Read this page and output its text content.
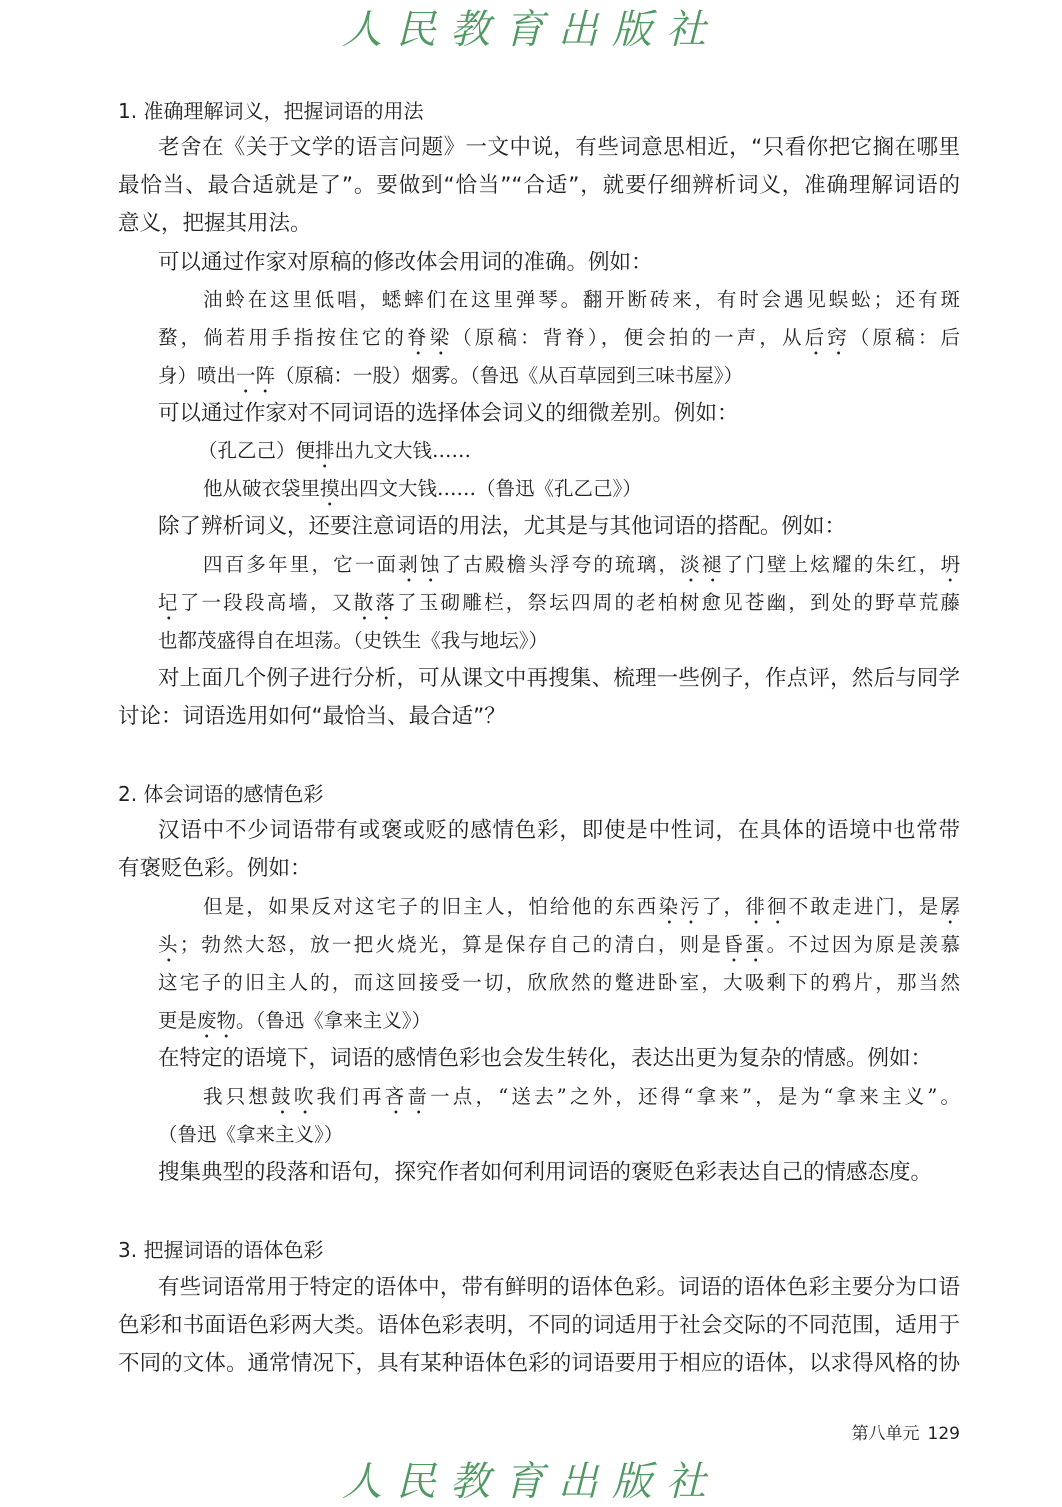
人民教育出版社
1. 准确理解词义，把握词语的用法
老舍在《关于文学的语言问题》一文中说，有些词意思相近，“只看你把它搁在哪里
最恰当、最合适就是了”。要做到“恰当”“合适”，就要仔细辨析词义，准确理解词语的
意义，把握其用法。
可以通过作家对原稿的修改体会用词的准确。例如：
油蛉在这里低唱，蟋蟀们在这里弹琴。翻开断砖来，有时会遇见蜈蚣；还有斑
蝥，倘若用手指按住它的脊梁（原稿：背脊），便会拍的一声，从后窍（原稿：后
身）喷出一阵（原稿：一股）烟雾。（鲁迅《从百草园到三味书屋》）
可以通过作家对不同词语的选择体会词义的细微差别。例如：
（孔乙己）便排出九文大钱……
他从破衣袋里摸出四文大钱……（鲁迅《孔乙己》）
除了辨析词义，还要注意词语的用法，尤其是与其他词语的搭配。例如：
四百多年里，它一面剥蚀了古殿檐头浮夸的琉璃，淡褪了门壁上炫耀的朱红，坍
圮了一段段高墙，又散落了玉砌雕栏，祭坛四周的老柏树愈见苍幽，到处的野草荒藤
也都茂盛得自在坦荡。（史铁生《我与地坛》）
对上面几个例子进行分析，可从课文中再搜集、梳理一些例子，作点评，然后与同学
讨论：词语选用如何“最恰当、最合适”？
2. 体会词语的感情色彩
汉语中不少词语带有或褒或贬的感情色彩，即使是中性词，在具体的语境中也常带
有褒贬色彩。例如：
但是，如果反对这宅子的旧主人，怕给他的东西染污了，徘徊不敢走进门，是孱
头；勃然大怒，放一把火烧光，算是保存自己的清白，则是昏蛋。不过因为原是羡慕
这宅子的旧主人的，而这回接受一切，欣欣然的蹩进卧室，大吸剩下的鸦片，那当然
更是废物。（鲁迅《拿来主义》）
在特定的语境下，词语的感情色彩也会发生转化，表达出更为复杂的情感。例如：
我只想鼓吹我们再吝啬一点，“送去”之外，还得“拿来”，是为“拿来主义”。
（鲁迅《拿来主义》）
搜集典型的段落和语句，探究作者如何利用词语的褒贬色彩表达自己的情感态度。
3. 把握词语的语体色彩
有些词语常用于特定的语体中，带有鲜明的语体色彩。词语的语体色彩主要分为口语
色彩和书面语色彩两大类。语体色彩表明，不同的词适用于社会交际的不同范围，适用于
不同的文体。通常情况下，具有某种语体色彩的词语要用于相应的语体，以求得风格的协
第八单元 129
人民教育出版社
